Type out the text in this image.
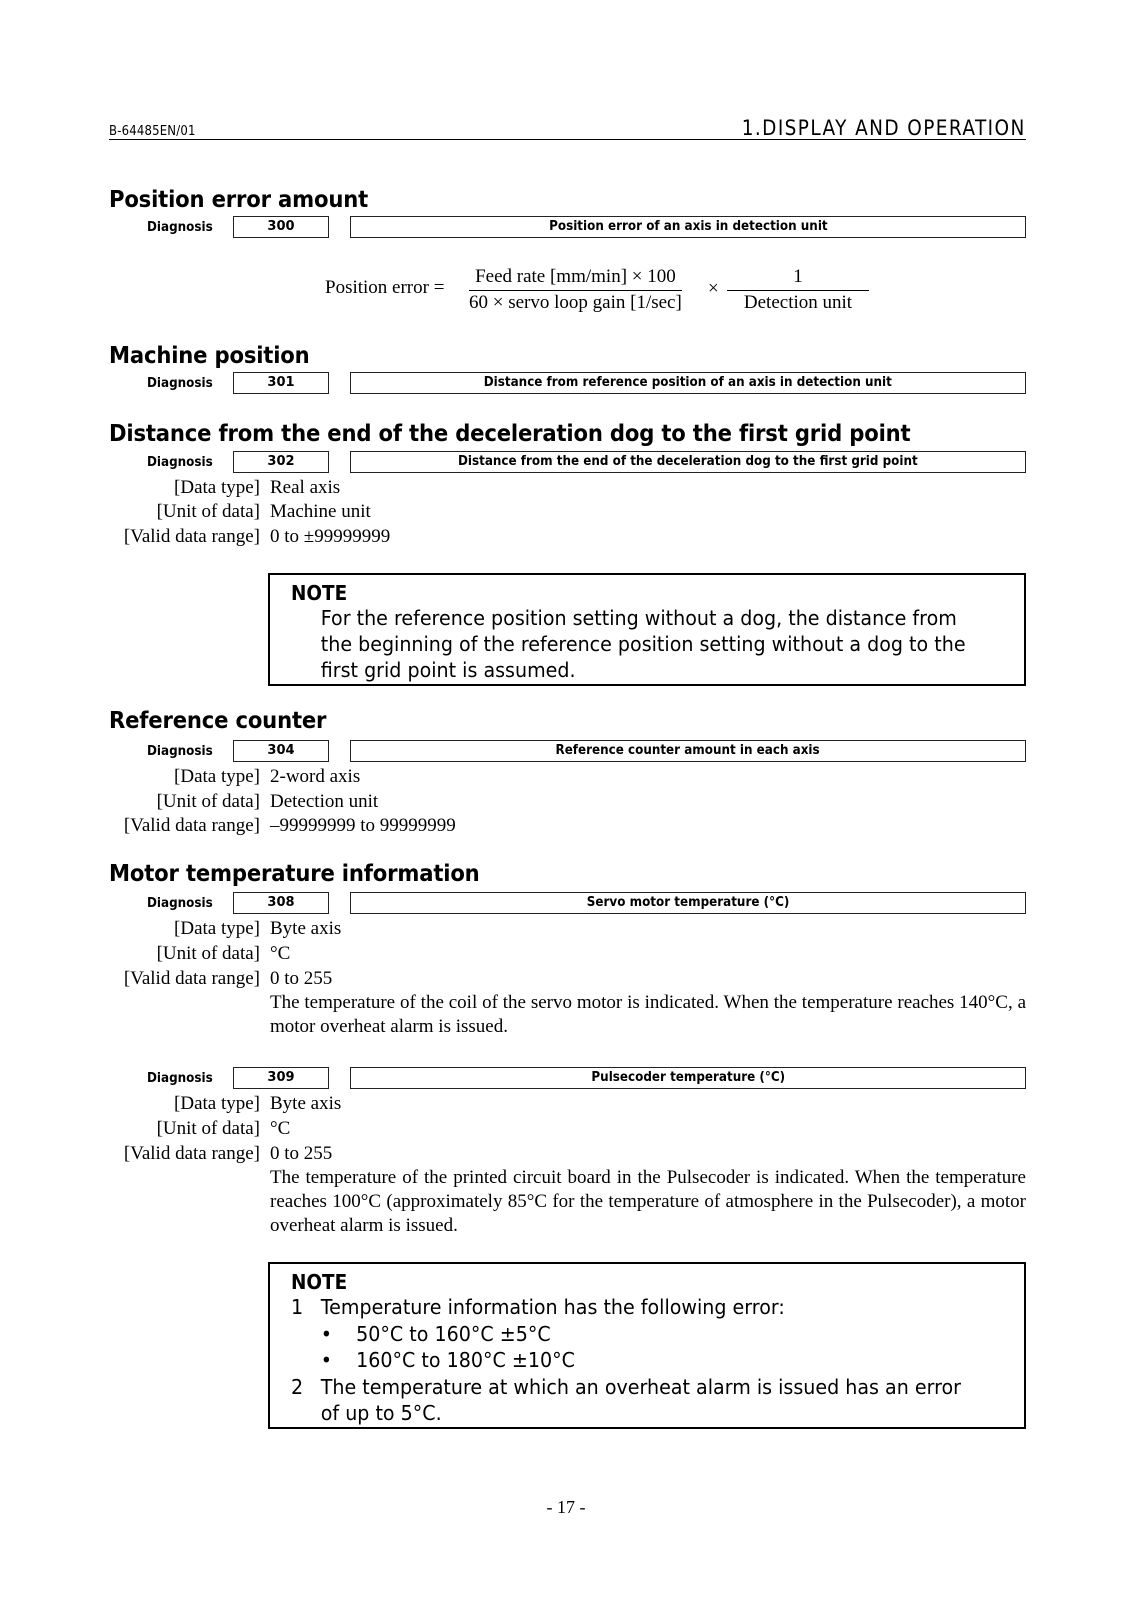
B-64485EN/01	1.DISPLAY AND OPERATION
Position error amount
Diagnosis	300	Position error of an axis in detection unit
Position error =
Feed rate [mm/min] × 100
60 × servo loop gain [1/sec]
×
1
Detection unit
Machine position
Diagnosis	301	Distance from reference position of an axis in detection unit
Distance from the end of the deceleration dog to the first grid point
Diagnosis	302	Distance from the end of the deceleration dog to the first grid point
[Data type] Real axis
[Unit of data] Machine unit
[Valid data range] 0 to ±99999999
NOTE
For the reference position setting without a dog, the distance from
the beginning of the reference position setting without a dog to the
first grid point is assumed.
Reference counter
Diagnosis	304	Reference counter amount in each axis
[Data type] 2-word axis
[Unit of data] Detection unit
[Valid data range] –99999999 to 99999999
Motor temperature information
Diagnosis	308	Servo motor temperature (°C)
[Data type] Byte axis
[Unit of data] °C
[Valid data range] 0 to 255
The temperature of the coil of the servo motor is indicated. When the temperature reaches 140°C, a motor overheat alarm is issued.
Diagnosis	309	Pulsecoder temperature (°C)
[Data type] Byte axis
[Unit of data] °C
[Valid data range] 0 to 255
The temperature of the printed circuit board in the Pulsecoder is indicated. When the temperature reaches 100°C (approximately 85°C for the temperature of atmosphere in the Pulsecoder), a motor overheat alarm is issued.
NOTE
1 Temperature information has the following error:
• 50°C to 160°C ±5°C
• 160°C to 180°C ±10°C
2 The temperature at which an overheat alarm is issued has an error
of up to 5°C.
- 17 -
